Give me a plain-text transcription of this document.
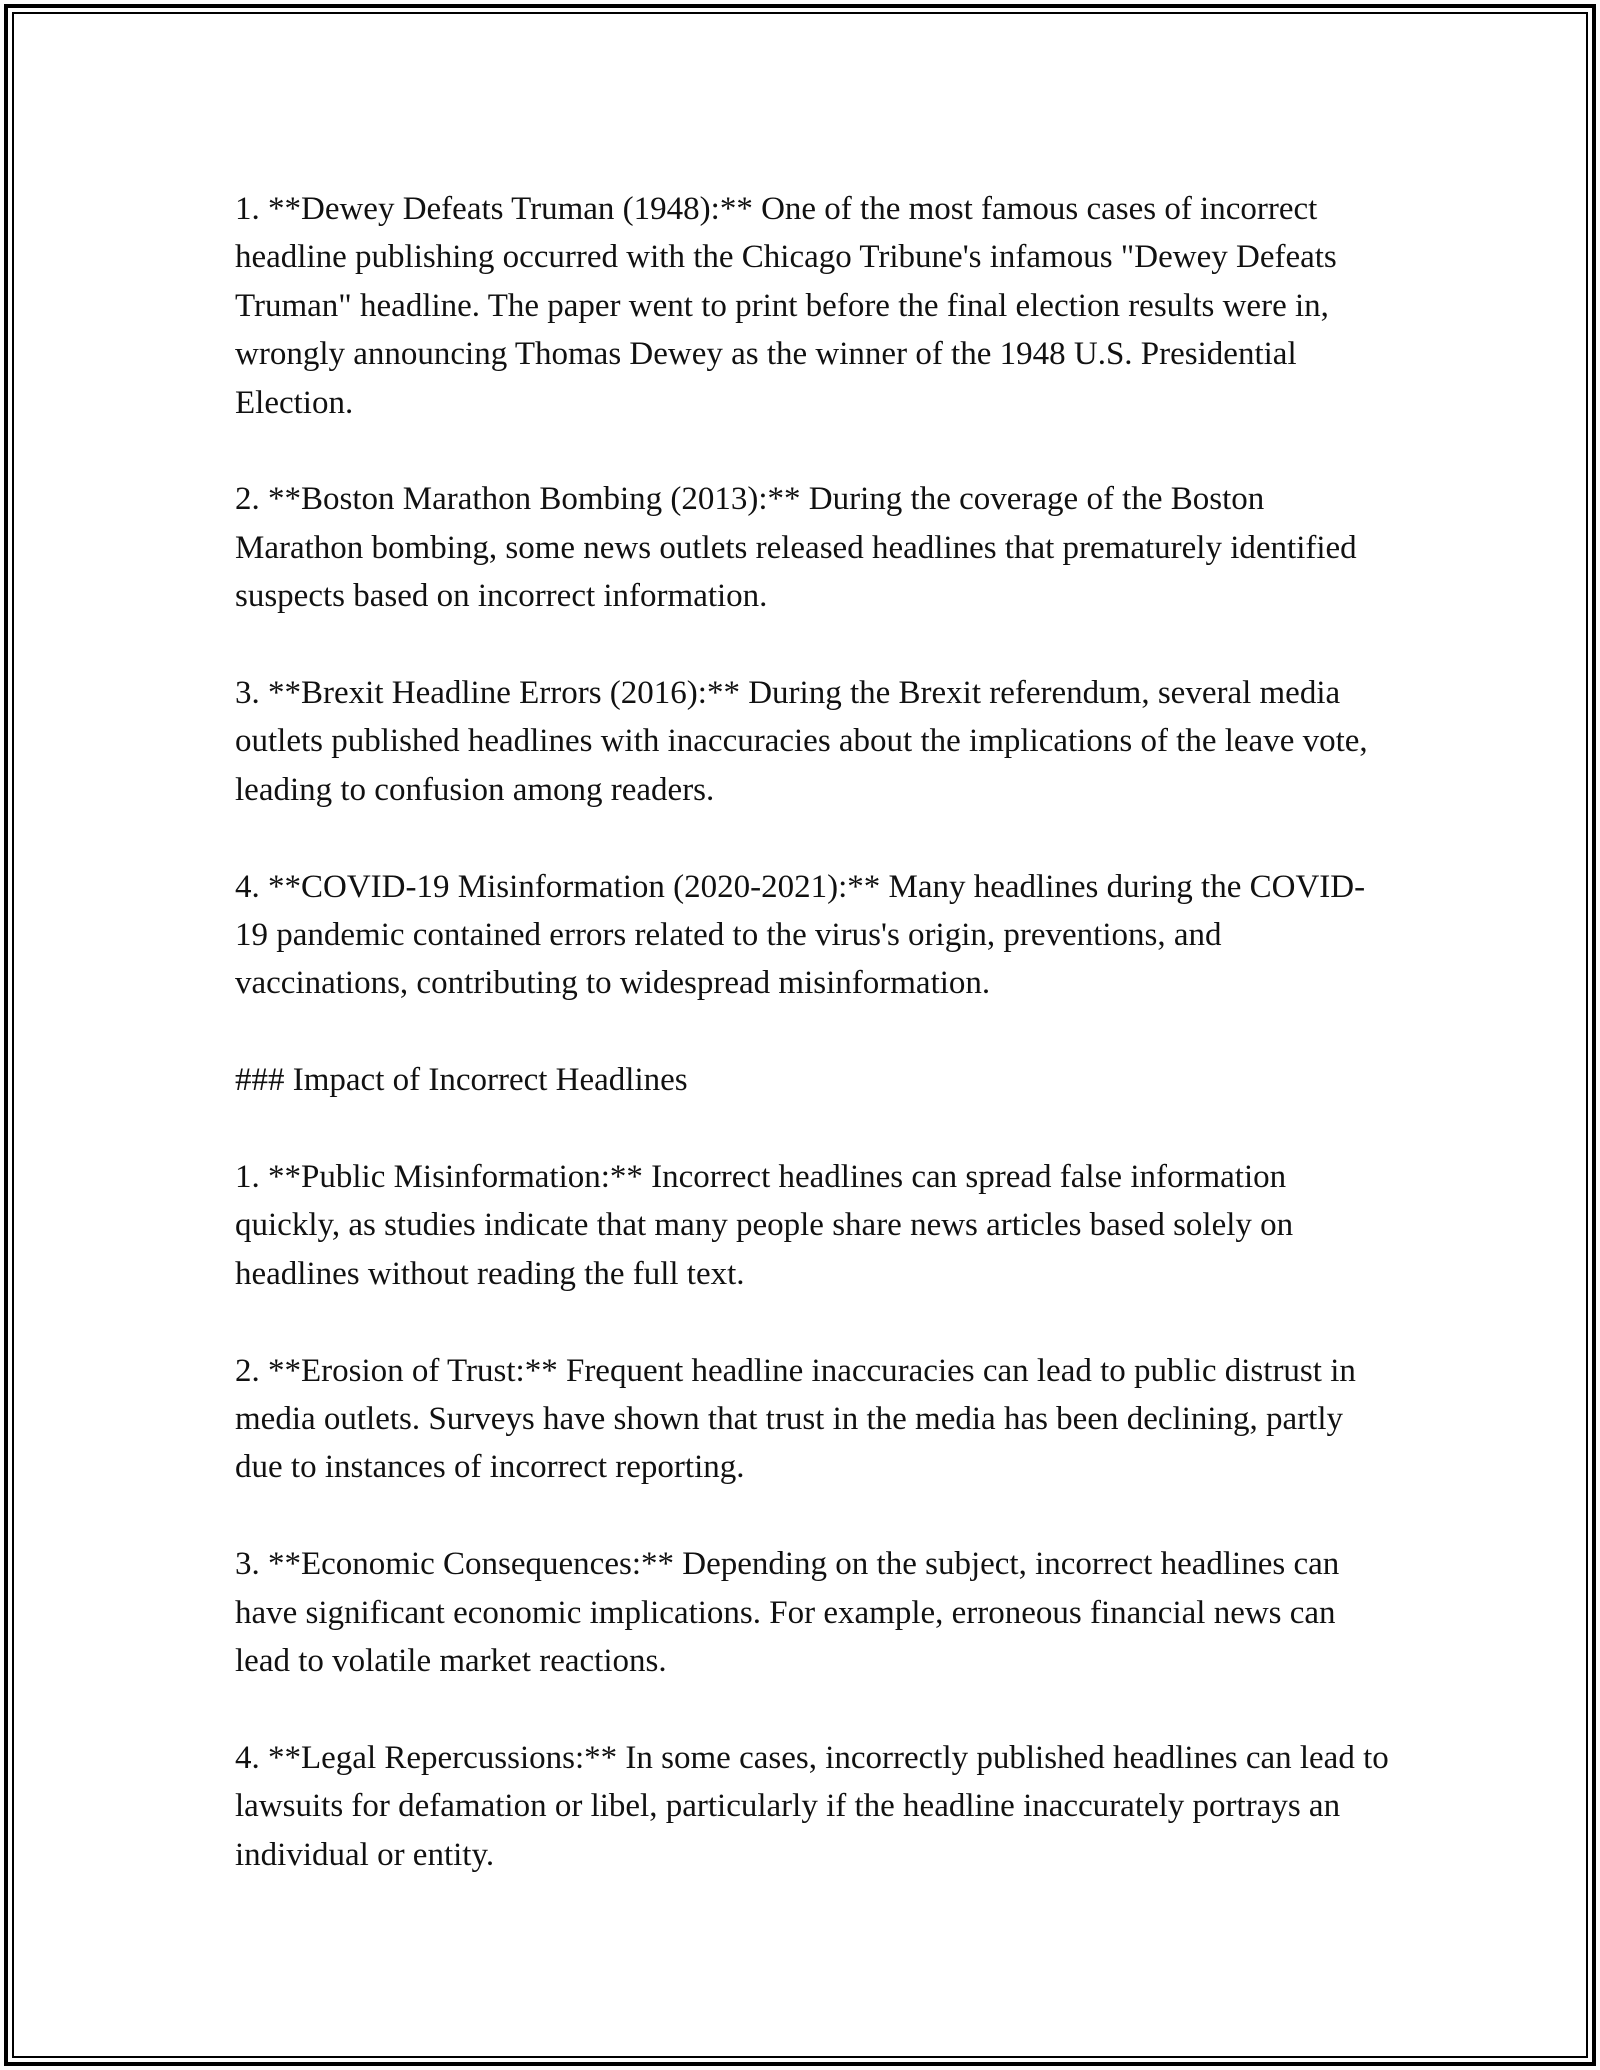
1. **Dewey Defeats Truman (1948):** One of the most famous cases of incorrect headline publishing occurred with the Chicago Tribune's infamous "Dewey Defeats Truman" headline. The paper went to print before the final election results were in, wrongly announcing Thomas Dewey as the winner of the 1948 U.S. Presidential Election.

2. **Boston Marathon Bombing (2013):** During the coverage of the Boston Marathon bombing, some news outlets released headlines that prematurely identified suspects based on incorrect information.

3. **Brexit Headline Errors (2016):** During the Brexit referendum, several media outlets published headlines with inaccuracies about the implications of the leave vote, leading to confusion among readers.

4. **COVID-19 Misinformation (2020-2021):** Many headlines during the COVID-19 pandemic contained errors related to the virus's origin, preventions, and vaccinations, contributing to widespread misinformation.

### Impact of Incorrect Headlines

1. **Public Misinformation:** Incorrect headlines can spread false information quickly, as studies indicate that many people share news articles based solely on headlines without reading the full text.

2. **Erosion of Trust:** Frequent headline inaccuracies can lead to public distrust in media outlets. Surveys have shown that trust in the media has been declining, partly due to instances of incorrect reporting.

3. **Economic Consequences:** Depending on the subject, incorrect headlines can have significant economic implications. For example, erroneous financial news can lead to volatile market reactions.

4. **Legal Repercussions:** In some cases, incorrectly published headlines can lead to lawsuits for defamation or libel, particularly if the headline inaccurately portrays an individual or entity.
